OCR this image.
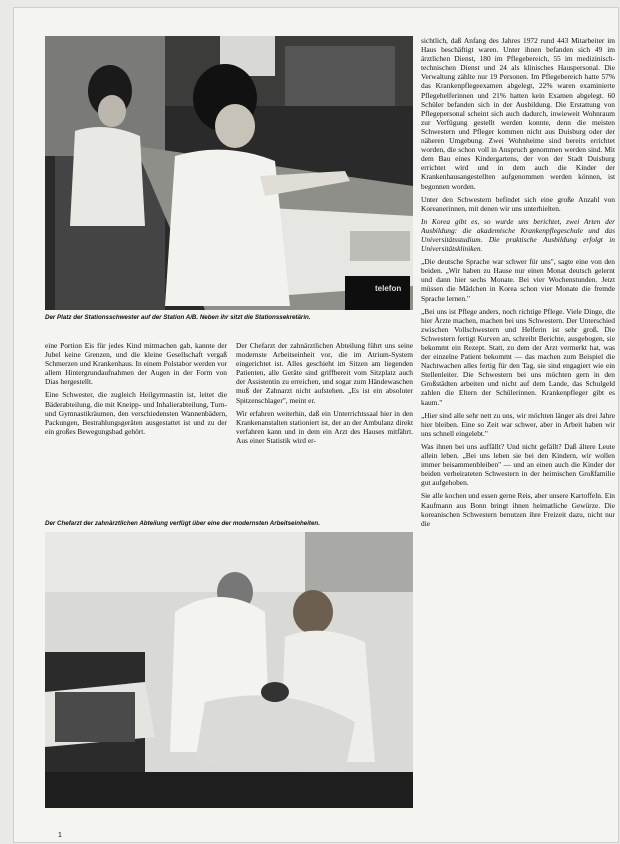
telefon
Der Platz der Stationsschwester auf der Station A/B. Neben ihr sitzt die Stationssekretärin.

eine Portion Eis für jedes Kind mitmachen gab, kannte der Jubel keine Grenzen, und die kleine Gesellschaft vergaß Schmerzen und Krankenhaus. In einem Polstabor werden vor allem Hintergrundaufnahmen der Augen in der Form von Dias hergestellt.

Eine Schwester, die zugleich Heilgymnastin ist, leitet die Bäderabteilung, die mit Kneipp- und Inhalierabteilung, Turn- und Gymnastikräumen, den verschiedensten Wannenbädern, Packungen, Bestrahlungsgeräten ausgestattet ist und zu der ein großes Bewegungsbad gehört.

Der Chefarzt der zahnärztlichen Abteilung führt uns seine modernste Arbeitseinheit vor, die im Atrium-System eingerichtet ist. Alles geschieht im Sitzen am liegenden Patienten, alle Geräte sind griffbereit vom Sitzplatz auch der Assistentin zu erreichen, und sogar zum Händewaschen muß der Zahnarzt nicht aufstehen. „Es ist ein absoluter Spitzenschlager", meint er.

Wir erfahren weiterhin, daß ein Unterrichtssaal hier in den Krankenanstalten stationiert ist, der an der Ambulanz direkt verfahren kann und in dem ein Arzt des Hauses mitfährt. Aus einer Statistik wird er-

Der Chefarzt der zahnärztlichen Abteilung verfügt über eine der modernsten Arbeitseinheiten.

sichtlich, daß Anfang des Jahres 1972 rund 443 Mitarbeiter im Haus beschäftigt waren. Unter ihnen befanden sich 49 im ärztlichen Dienst, 180 im Pflegebereich, 55 im medizinisch-technischen Dienst und 24 als klinisches Hauspersonal. Die Verwaltung zählte nur 19 Personen. Im Pflegebereich hatte 57% das Krankenpflegeexamen abgelegt, 22% waren examinierte Pflegehelferinnen und 21% hatten kein Examen abgelegt. 60 Schüler befanden sich in der Ausbildung. Die Erstattung von Pflegepersonal scheint sich auch dadurch, inwieweit Wohnraum zur Verfügung gestellt werden konnte, denn die meisten Schwestern und Pfleger kommen nicht aus Duisburg oder der näheren Umgebung. Zwei Wohnheime sind bereits errichtet worden, die schon voll in Anspruch genommen werden sind. Mit dem Bau eines Kindergartens, der von der Stadt Duisburg errichtet wird und in dem auch die Kinder der Krankenhausangestellten aufgenommen werden können, ist begonnen worden.

Unter den Schwestern befindet sich eine große Anzahl von Koreanerinnen, mit denen wir uns unterhielten.

In Korea gibt es, so wurde uns berichtet, zwei Arten der Ausbildung: die akademische Krankenpflegeschule und das Universitätsstudium. Die praktische Ausbildung erfolgt in Universitätskliniken.

„Die deutsche Sprache war schwer für uns", sagte eine von den beiden. „Wir haben zu Hause nur einen Monat deutsch gelernt und dann hier sechs Monate. Bei vier Wochenstunden. Jetzt müssen die Mädchen in Korea schon vier Monate die fremde Sprache lernen."

„Bei uns ist Pflege anders, noch richtige Pflege. Viele Dinge, die hier Ärzte machen, machen bei uns Schwestern. Der Unterschied zwischen Vollschwestern und Helferin ist sehr groß. Die Schwestern fertigt Kurven an, schreibt Berichte, ausgebogen, sie bekommt ein Rezept. Statt, zu dem der Arzt vermerkt hat, was der einzelne Patient bekommt — das machen zum Beispiel die Nachtwachen alles fertig für den Tag, sie sind engagiert wie ein Stellenleiter. Die Schwestern bei uns möchten gern in den Großstädten arbeiten und nicht auf dem Lande, das Schulgeld zahlen die Eltern der Schülerinnen. Krankenpfleger gibt es kaum."

„Hier sind alle sehr nett zu uns, wir möchten länger als drei Jahre hier bleiben. Eine so Zeit war schwer, aber in Arbeit haben wir uns schnell eingelebt."

Was ihnen bei uns auffällt? Und nicht gefällt? Daß ältere Leute allein leben. „Bei uns leben sie bei den Kindern, wir wollen immer beisammenbleiben" — und an einen auch die Kinder der beiden verheirateten Schwestern in der heimischen Großfamilie gut aufgehoben.

Sie alle kochen und essen gerne Reis, aber unsere Kartoffeln. Ein Kaufmann aus Bonn bringt ihnen heimatliche Gewürze. Die koreanischen Schwestern benutzen ihre Freizeit dazu, nicht nur die

1
